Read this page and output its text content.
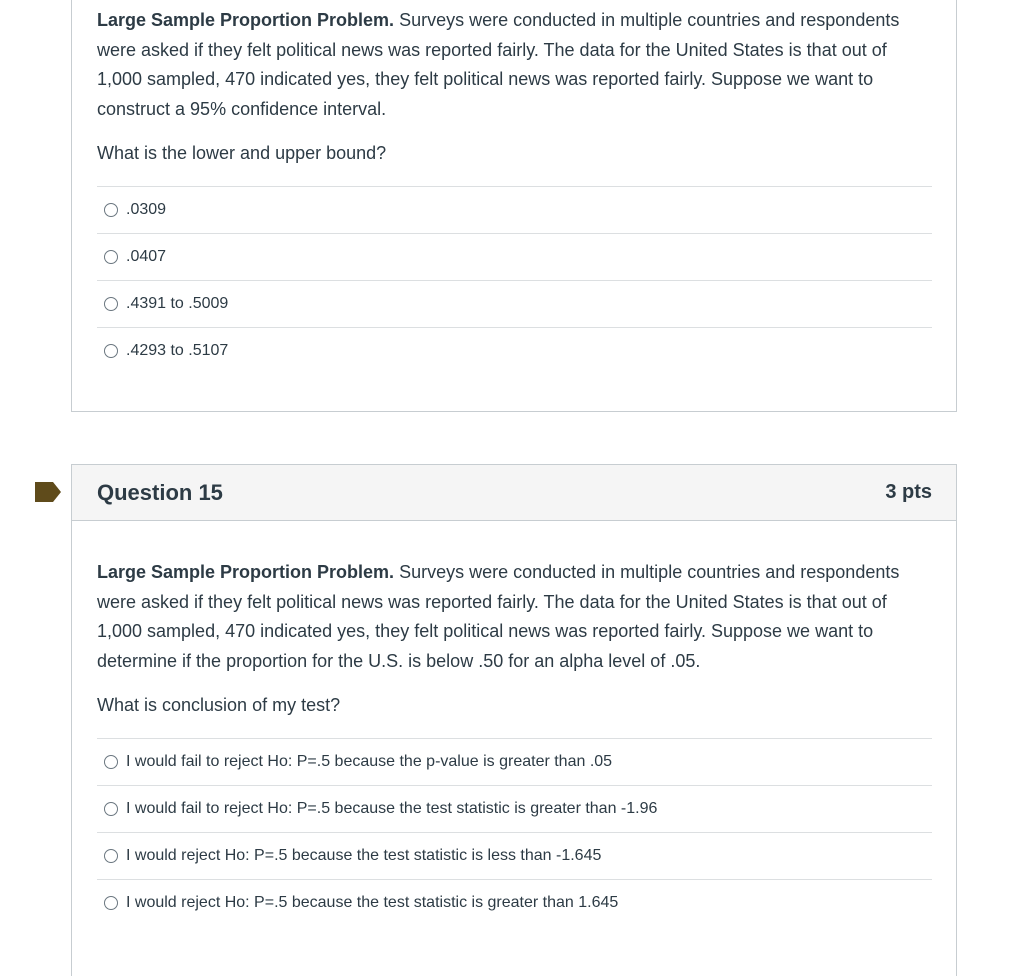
Large Sample Proportion Problem. Surveys were conducted in multiple countries and respondents were asked if they felt political news was reported fairly. The data for the United States is that out of 1,000 sampled, 470 indicated yes, they felt political news was reported fairly. Suppose we want to construct a 95% confidence interval.

What is the lower and upper bound?

.0309
.0407
.4391 to .5009
.4293 to .5107
Question 15	3 pts

Large Sample Proportion Problem. Surveys were conducted in multiple countries and respondents were asked if they felt political news was reported fairly. The data for the United States is that out of 1,000 sampled, 470 indicated yes, they felt political news was reported fairly. Suppose we want to determine if the proportion for the U.S. is below .50 for an alpha level of .05.

What is conclusion of my test?

I would fail to reject Ho: P=.5 because the p-value is greater than .05
I would fail to reject Ho: P=.5 because the test statistic is greater than -1.96
I would reject Ho: P=.5 because the test statistic is less than -1.645
I would reject Ho: P=.5 because the test statistic is greater than 1.645
